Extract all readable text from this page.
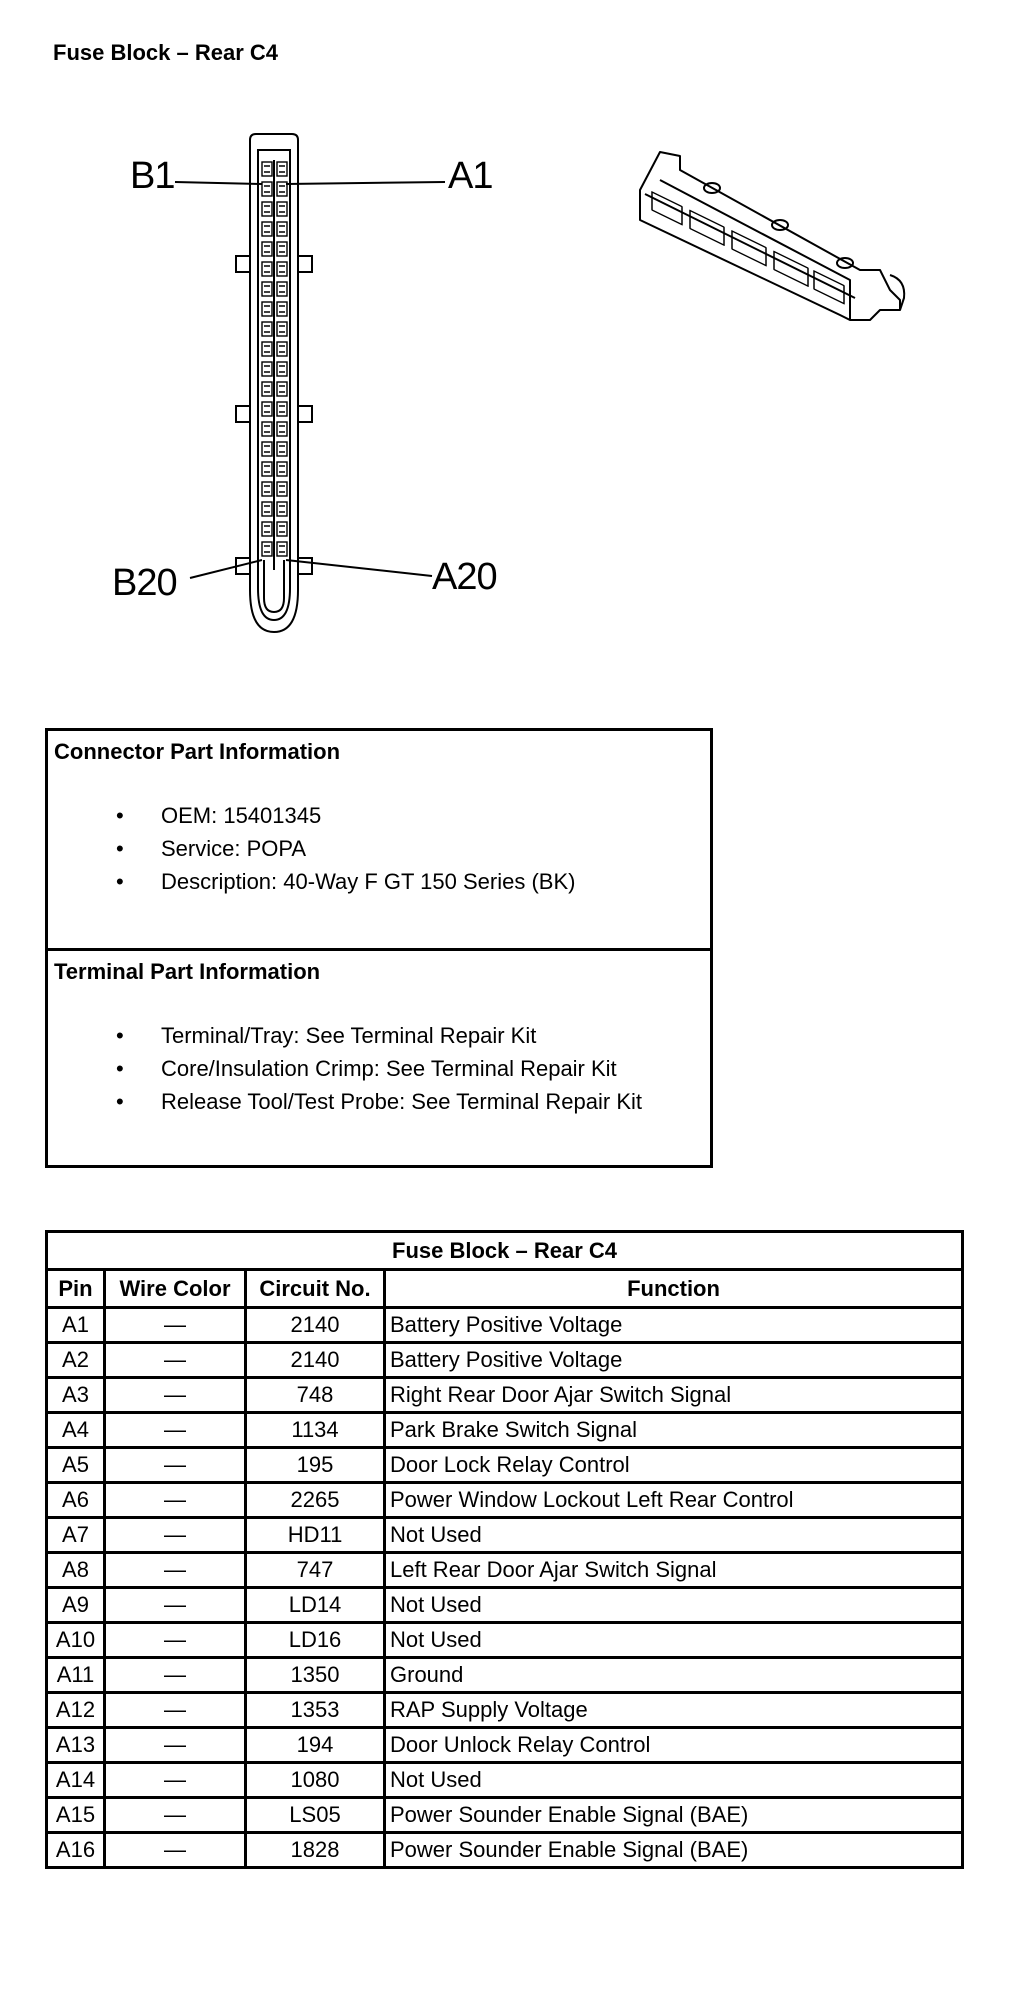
Fuse Block – Rear C4
B1	A1
B20	A20
Connector Part Information
• OEM: 15401345
• Service: POPA
• Description: 40-Way F GT 150 Series (BK)
Terminal Part Information
• Terminal/Tray: See Terminal Repair Kit
• Core/Insulation Crimp: See Terminal Repair Kit
• Release Tool/Test Probe: See Terminal Repair Kit
Fuse Block – Rear C4			
Pin	Wire Color	Circuit No.	Function
A1	—	2140	Battery Positive Voltage
A2	—	2140	Battery Positive Voltage
A3	—	748	Right Rear Door Ajar Switch Signal
A4	—	1134	Park Brake Switch Signal
A5	—	195	Door Lock Relay Control
A6	—	2265	Power Window Lockout Left Rear Control
A7	—	HD11	Not Used
A8	—	747	Left Rear Door Ajar Switch Signal
A9	—	LD14	Not Used
A10	—	LD16	Not Used
A11	—	1350	Ground
A12	—	1353	RAP Supply Voltage
A13	—	194	Door Unlock Relay Control
A14	—	1080	Not Used
A15	—	LS05	Power Sounder Enable Signal (BAE)
A16	—	1828	Power Sounder Enable Signal (BAE)
